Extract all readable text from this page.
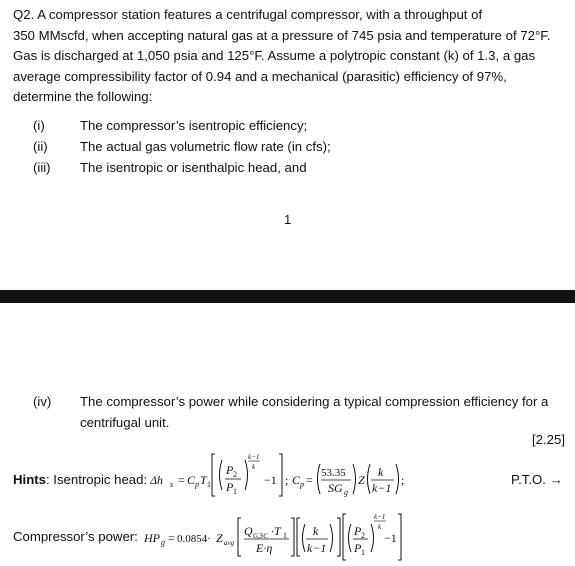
Q2. A compressor station features a centrifugal compressor, with a throughput of
350 MMscfd, when accepting natural gas at a pressure of 745 psia and temperature of 72°F.
Gas is discharged at 1,050 psia and 125°F. Assume a polytropic constant (k) of 1.3, a gas
average compressibility factor of 0.94 and a mechanical (parasitic) efficiency of 97%,
determine the following:
(i)	The compressor’s isentropic efficiency;
(ii)	The actual gas volumetric flow rate (in cfs);
(iii)	The isentropic or isenthalpic head, and
1
(iv)	The compressor’s power while considering a typical compression efficiency for a centrifugal unit.
[2.25]
Hints: Isentropic head: Δh s = C p T 1
P 2
P 1
k−1
k
−1 ; C p = 53.35
SG g
Z
k
k−1
;	P.T.O. →
Compressor’s power: HP g = 0.0854· Z avg
Q G,SC ·T 1
E·η
k
k−1
P 2
P 1
k−1
k
−1
